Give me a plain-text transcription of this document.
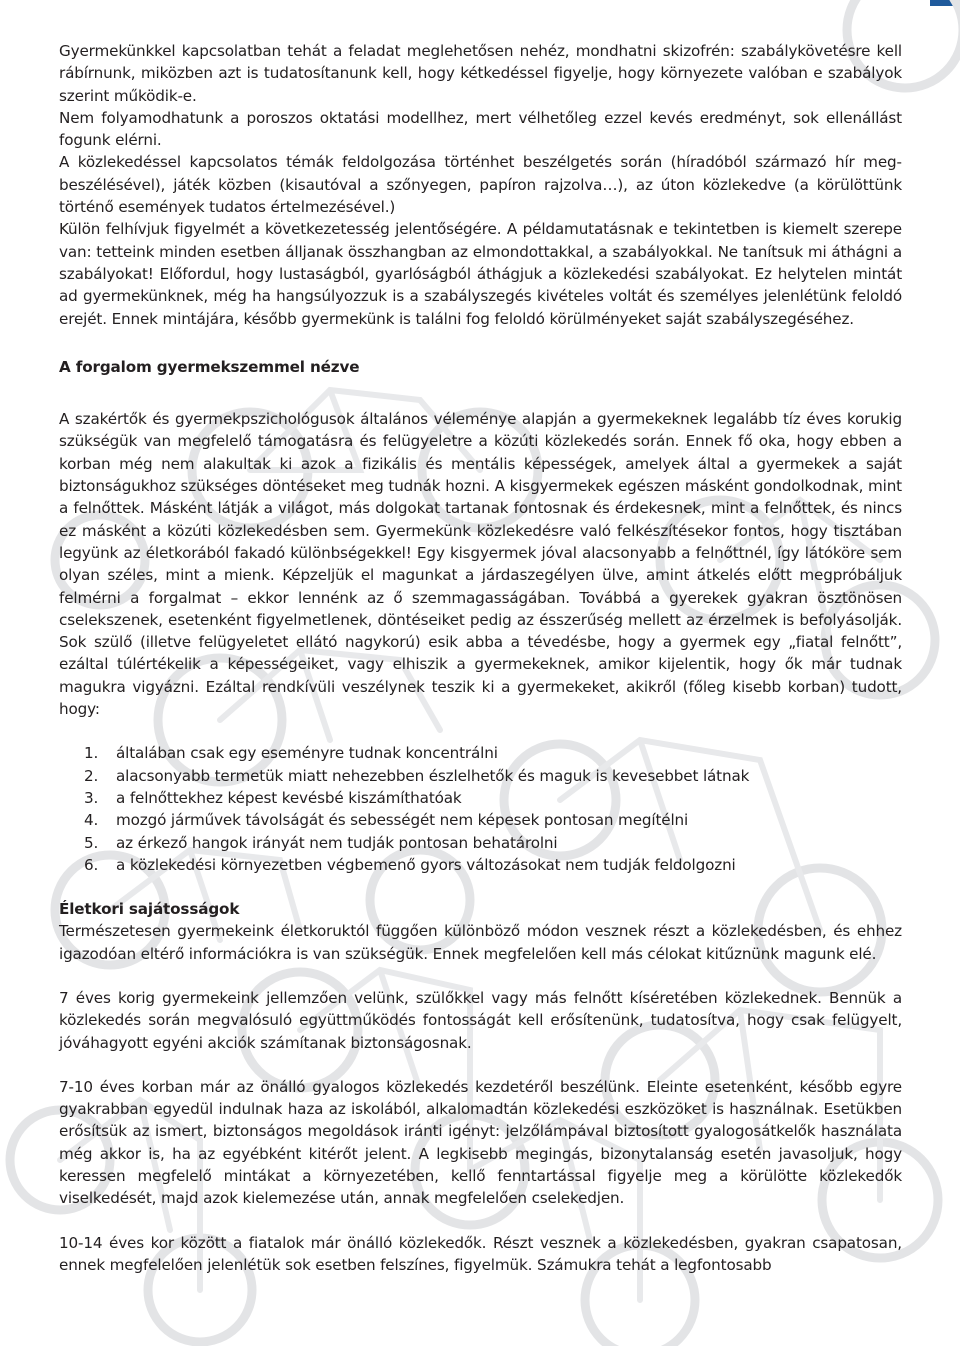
Gyermekünkkel kapcsolatban tehát a feladat meglehetősen nehéz, mondhatni skizofrén: szabálykövetésre kell rábírnunk, miközben azt is tudatosítanunk kell, hogy kétkedéssel figyelje, hogy környezete valóban e szabályok szerint működik-e.

Nem folyamodhatunk a poroszos oktatási modellhez, mert vélhetőleg ezzel kevés eredményt, sok ellenállást fogunk elérni.

A közlekedéssel kapcsolatos témák feldolgozása történhet beszélgetés során (híradóból származó hír megbeszélésével), játék közben (kisautóval a szőnyegen, papíron rajzolva…), az úton közlekedve (a körülöttünk történő események tudatos értelmezésével.)

Külön felhívjuk figyelmét a következetesség jelentőségére. A példamutatásnak e tekintetben is kiemelt szerepe van: tetteink minden esetben álljanak összhangban az elmondottakkal, a szabályokkal. Ne tanítsuk mi áthágni a szabályokat! Előfordul, hogy lustaságból, gyarlóságból áthágjuk a közlekedési szabályokat. Ez helytelen mintát ad gyermekünknek, még ha hangsúlyozzuk is a szabályszegés kivételes voltát és személyes jelenlétünk feloldó erejét. Ennek mintájára, később gyermekünk is találni fog feloldó körülményeket saját szabályszegéséhez.

A forgalom gyermekszemmel nézve

A szakértők és gyermekpszichológusok általános véleménye alapján a gyermekeknek legalább tíz éves korukig szükségük van megfelelő támogatásra és felügyeletre a közúti közlekedés során. Ennek fő oka, hogy ebben a korban még nem alakultak ki azok a fizikális és mentális képességek, amelyek által a gyermekek a saját biztonságukhoz szükséges döntéseket meg tudnák hozni. A kisgyermekek egészen másként gondolkodnak, mint a felnőttek. Másként látják a világot, más dolgokat tartanak fontosnak és érdekesnek, mint a felnőttek, és nincs ez másként a közúti közlekedésben sem. Gyermekünk közlekedésre való felkészítésekor fontos, hogy tisztában legyünk az életkorából fakadó különbségekkel! Egy kisgyermek jóval alacsonyabb a felnőttnél, így látóköre sem olyan széles, mint a mienk. Képzeljük el magunkat a járdaszegélyen ülve, amint átkelés előtt megpróbáljuk felmérni a forgalmat – ekkor lennénk az ő szemmagasságában. Továbbá a gyerekek gyakran ösztönösen cselekszenek, esetenként figyelmetlenek, döntéseiket pedig az ésszerűség mellett az érzelmek is befolyásolják. Sok szülő (illetve felügyeletet ellátó nagykorú) esik abba a tévedésbe, hogy a gyermek egy „fiatal felnőtt”, ezáltal túlértékelik a képességeiket, vagy elhiszik a gyermekeknek, amikor kijelentik, hogy ők már tudnak magukra vigyázni. Ezáltal rendkívüli veszélynek teszik ki a gyermekeket, akikről (főleg kisebb korban) tudott, hogy:

1. általában csak egy eseményre tudnak koncentrálni
2. alacsonyabb termetük miatt nehezebben észlelhetők és maguk is kevesebbet látnak
3. a felnőttekhez képest kevésbé kiszámíthatóak
4. mozgó járművek távolságát és sebességét nem képesek pontosan megítélni
5. az érkező hangok irányát nem tudják pontosan behatárolni
6. a közlekedési környezetben végbemenő gyors változásokat nem tudják feldolgozni

Életkori sajátosságok

Természetesen gyermekeink életkoruktól függően különböző módon vesznek részt a közlekedésben, és ehhez igazodóan eltérő információkra is van szükségük. Ennek megfelelően kell más célokat kitűznünk magunk elé.

7 éves korig gyermekeink jellemzően velünk, szülőkkel vagy más felnőtt kíséretében közlekednek. Bennük a közlekedés során megvalósuló együttműködés fontosságát kell erősítenünk, tudatosítva, hogy csak felügyelt, jóváhagyott egyéni akciók számítanak biztonságosnak.

7-10 éves korban már az önálló gyalogos közlekedés kezdetéről beszélünk. Eleinte esetenként, később egyre gyakrabban egyedül indulnak haza az iskolából, alkalomadtán közlekedési eszközöket is használnak. Esetükben erősítsük az ismert, biztonságos megoldások iránti igényt: jelzőlámpával biztosított gyalogosátkelők használata még akkor is, ha az egyébként kitérőt jelent. A legkisebb megingás, bizonytalanság esetén javasoljuk, hogy keressen megfelelő mintákat a környezetében, kellő fenntartással figyelje meg a körülötte közlekedők viselkedését, majd azok kielemezése után, annak megfelelően cselekedjen.

10-14 éves kor között a fiatalok már önálló közlekedők. Részt vesznek a közlekedésben, gyakran csapatosan, ennek megfelelően jelenlétük sok esetben felszínes, figyelmük. Számukra tehát a legfontosabb
